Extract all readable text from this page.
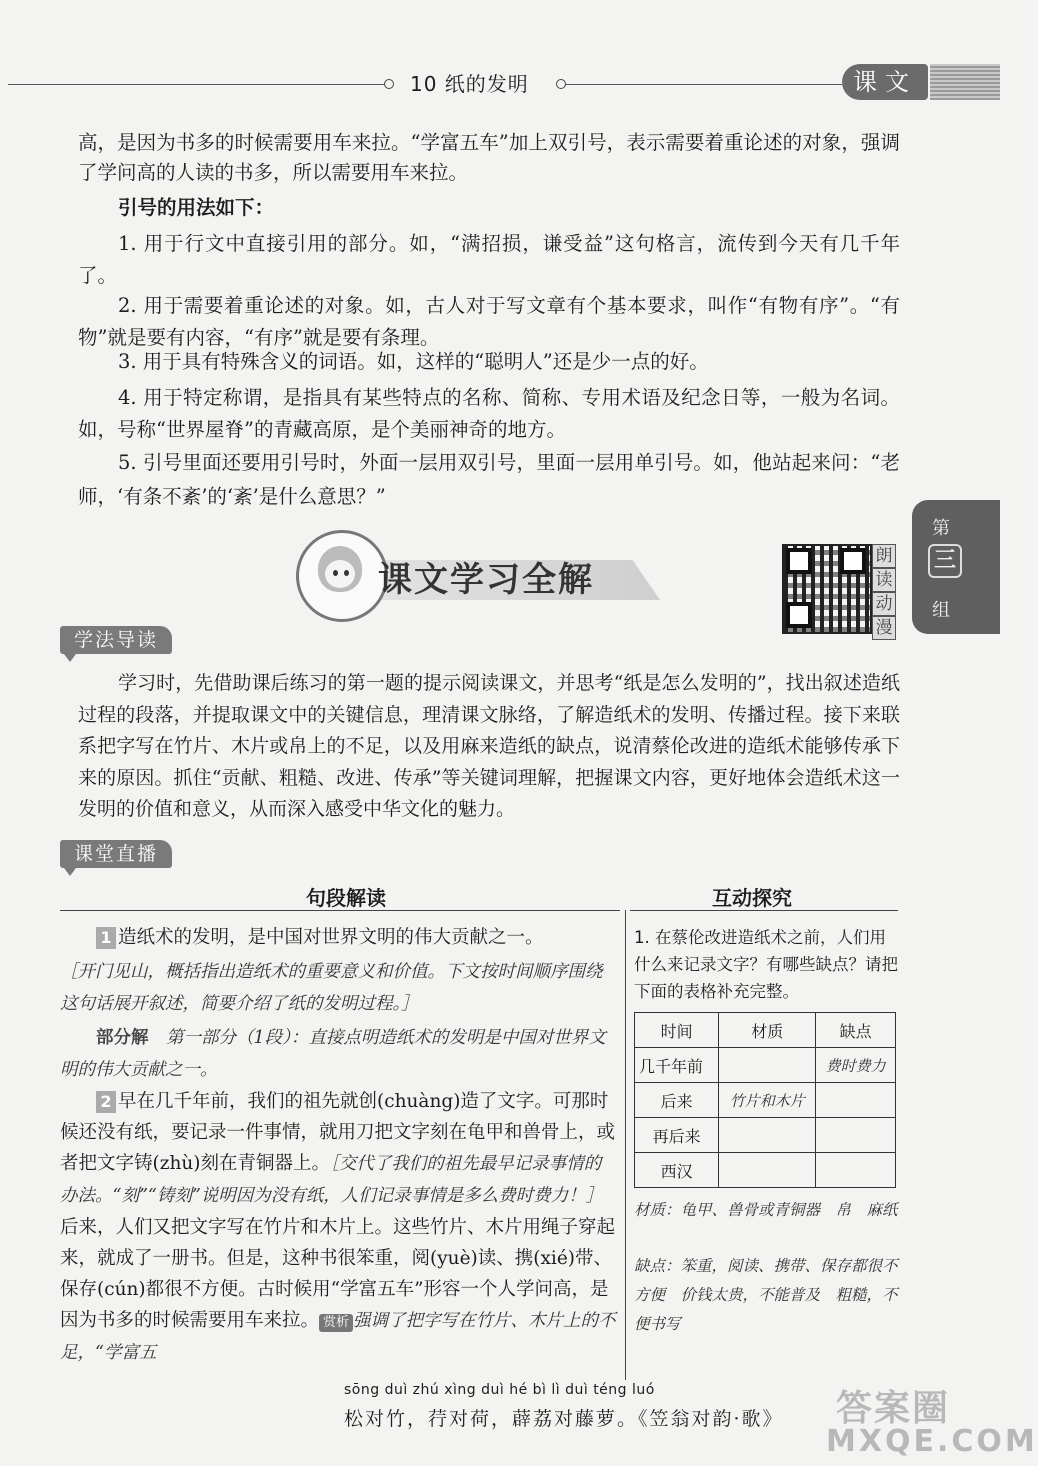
10 纸的发明	课文
高，是因为书多的时候需要用车来拉。“学富五车”加上双引号，表示需要着重论述的对象，强调了学问高的人读的书多，所以需要用车来拉。
引号的用法如下：
1. 用于行文中直接引用的部分。如，“满招损，谦受益”这句格言，流传到今天有几千年了。
2. 用于需要着重论述的对象。如，古人对于写文章有个基本要求，叫作“有物有序”。“有物”就是要有内容，“有序”就是要有条理。
3. 用于具有特殊含义的词语。如，这样的“聪明人”还是少一点的好。
4. 用于特定称谓，是指具有某些特点的名称、简称、专用术语及纪念日等，一般为名词。如，号称“世界屋脊”的青藏高原，是个美丽神奇的地方。
5. 引号里面还要用引号时，外面一层用双引号，里面一层用单引号。如，他站起来问：“老师，‘有条不紊’的‘紊’是什么意思？”
第
三
组
课文学习全解
朗
读
动
漫
学法导读
学习时，先借助课后练习的第一题的提示阅读课文，并思考“纸是怎么发明的”，找出叙述造纸过程的段落，并提取课文中的关键信息，理清课文脉络，了解造纸术的发明、传播过程。接下来联系把字写在竹片、木片或帛上的不足，以及用麻来造纸的缺点，说清蔡伦改进的造纸术能够传承下来的原因。抓住“贡献、粗糙、改进、传承”等关键词理解，把握课文内容，更好地体会造纸术这一发明的价值和意义，从而深入感受中华文化的魅力。
课堂直播
句段解读	互动探究
1 造纸术的发明，是中国对世界文明的伟大贡献之一。
［开门见山，概括指出造纸术的重要意义和价值。下文按时间顺序围绕这句话展开叙述，简要介绍了纸的发明过程。］
部分解　 第一部分（1段）：直接点明造纸术的发明是中国对世界文明的伟大贡献之一。
2 早在几千年前，我们的祖先就创(chuàng)造了文字。可那时候还没有纸，要记录一件事情，就用刀把文字刻在龟甲和兽骨上，或者把文字铸(zhù)刻在青铜器上。［交代了我们的祖先最早记录事情的办法。“刻”“铸刻”说明因为没有纸，人们记录事情是多么费时费力！］后来，人们又把文字写在竹片和木片上。这些竹片、木片用绳子穿起来，就成了一册书。但是，这种书很笨重，阅(yuè)读、携(xié)带、保存(cún)都很不方便。古时候用“学富五车”形容一个人学问高，是因为书多的时候需要用车来拉。 赏析 强调了把字写在竹片、木片上的不足，“学富五
1. 在蔡伦改进造纸术之前，人们用什么来记录文字？有哪些缺点？请把下面的表格补充完整。
时间	材质	缺点
几千年前		费时费力
后来	竹片和木片	
再后来		
西汉		
材质：龟甲、兽骨或青铜器　帛　麻纸
缺点：笨重，阅读、携带、保存都很不方便　价钱太贵，不能普及　粗糙，不便书写
sōng duì zhú xìng duì hé bì lì duì téng luó
松对竹，荇对荷，薜荔对藤萝。《笠翁对韵·歌》 答案圈
MXQE.COM
